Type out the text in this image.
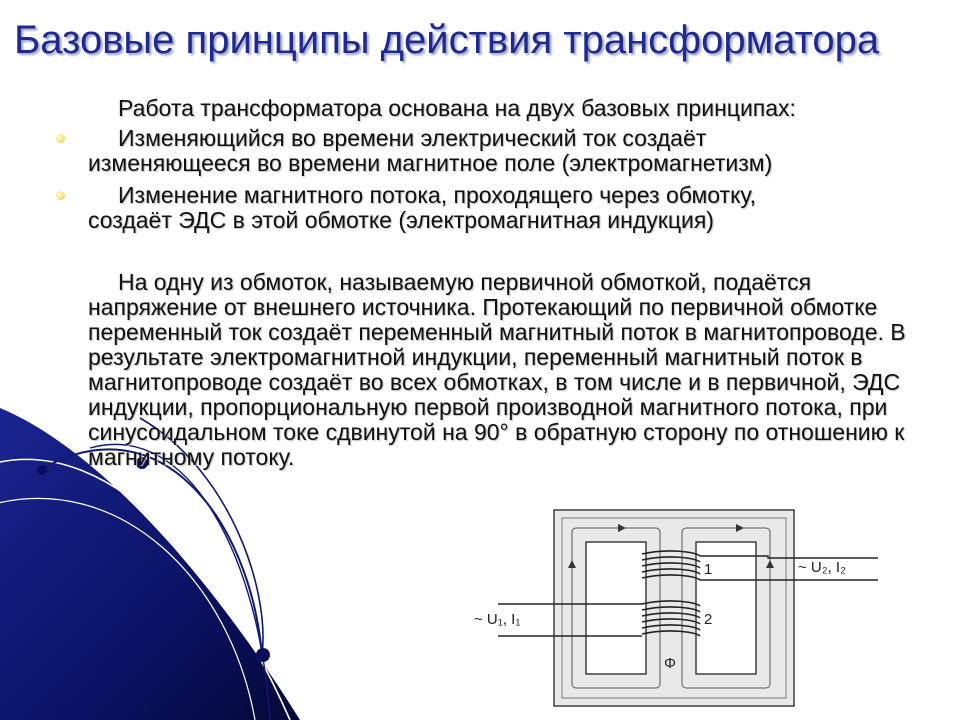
Базовые принципы действия трансформатора
Работа трансформатора основана на двух базовых принципах:
Изменяющийся во времени электрический ток создаёт
изменяющееся во времени магнитное поле (электромагнетизм)
Изменение магнитного потока, проходящего через обмотку,
создаёт ЭДС в этой обмотке (электромагнитная индукция)
На одну из обмоток, называемую первичной обмоткой, подаётся напряжение от внешнего источника. Протекающий по первичной обмотке переменный ток создаёт переменный магнитный поток в магнитопроводе. В результате электромагнитной индукции, переменный магнитный поток в магнитопроводе создаёт во всех обмотках, в том числе и в первичной, ЭДС индукции, пропорциональную первой производной магнитного потока, при синусоидальном токе сдвинутой на 90° в обратную сторону по отношению к магнитному потоку.
1
2
~ U₂, I₂
~ U₁, I₁
Φ
